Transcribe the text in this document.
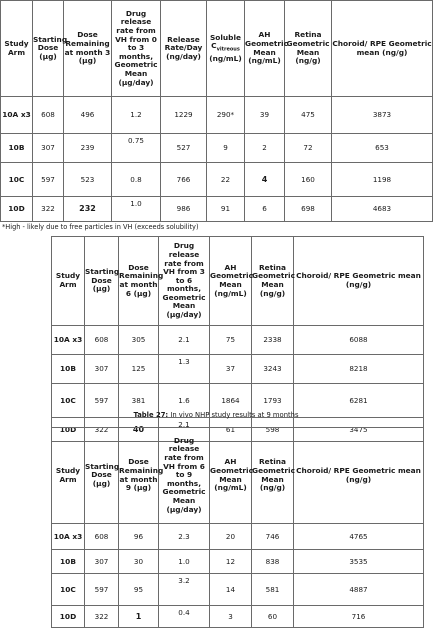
Study Arm	Starting Dose (µg)	Dose Remaining at month 3 (µg)	Drug release rate from VH from 0 to 3 months, Geometric Mean (µg/day)	Release Rate/Day (ng/day)	Soluble $C_{vitreous}$ (ng/mL)	AH Geometric Mean (ng/mL)	Retina Geometric Mean (ng/g)	Choroid/ RPE Geometric mean (ng/g)
10A x3	608	496	1.2	1229	290*	39	475	3873
10B	307	239	0.75	527	9	2	72	653
10C	597	523	0.8	766	22	4	160	1198
10D	322	232	1.0	986	91	6	698	4683
*High - likely due to free particles in VH (exceeds solubility)
Study Arm	Starting Dose (µg)	Dose Remaining at month 6 (µg)	Drug release rate from VH from 3 to 6 months, Geometric Mean (µg/day)	AH Geometric Mean (ng/mL)	Retina Geometric Mean (ng/g)	Choroid/ RPE Geometric mean (ng/g)
10A x3	608	305	2.1	75	2338	6088
10B	307	125	1.3	37	3243	8218
10C	597	381	1.6	1864	1793	6281
10D	322	40	2.1	61	598	3475
Table 27: In vivo NHP study results at 9 months
Study Arm	Starting Dose (µg)	Dose Remaining at month 9 (µg)	Drug release rate from VH from 6 to 9 months, Geometric Mean (µg/day)	AH Geometric Mean (ng/mL)	Retina Geometric Mean (ng/g)	Choroid/ RPE Geometric mean (ng/g)
10A x3	608	96	2.3	20	746	4765
10B	307	30	1.0	12	838	3535
10C	597	95	3.2	14	581	4887
10D	322	1	0.4	3	60	716
